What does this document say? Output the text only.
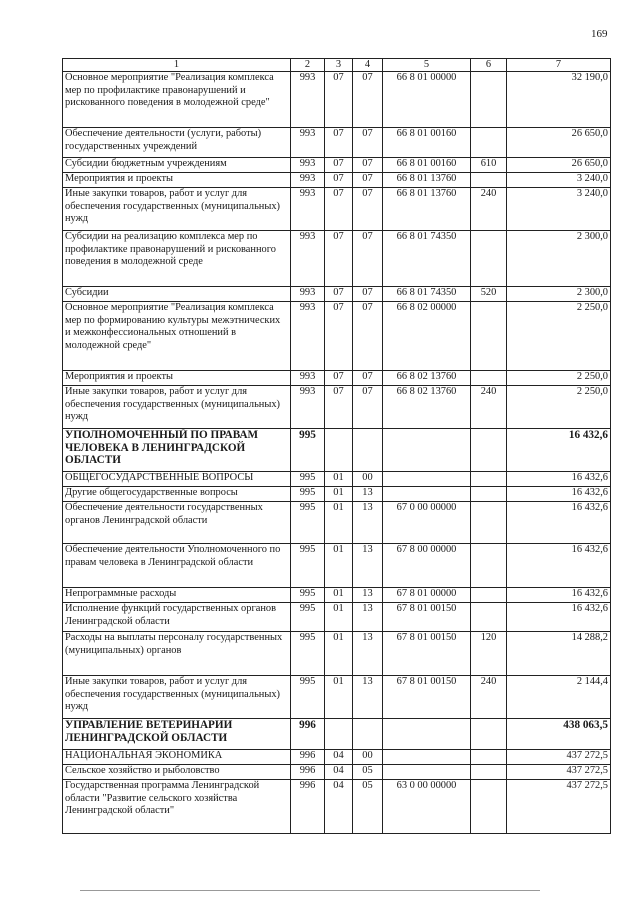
169
1	2	3	4	5	6	7
Основное мероприятие "Реализация комплекса мер по профилактике правонарушений и рискованного поведения в молодежной среде"	993	07	07	66 8 01 00000		32 190,0
Обеспечение деятельности (услуги, работы) государственных учреждений	993	07	07	66 8 01 00160		26 650,0
Субсидии бюджетным учреждениям	993	07	07	66 8 01 00160	610	26 650,0
Мероприятия и проекты	993	07	07	66 8 01 13760		3 240,0
Иные закупки товаров, работ и услуг для обеспечения государственных (муниципальных) нужд	993	07	07	66 8 01 13760	240	3 240,0
Субсидии на реализацию комплекса мер по профилактике правонарушений и рискованного поведения в молодежной среде	993	07	07	66 8 01 74350		2 300,0
Субсидии	993	07	07	66 8 01 74350	520	2 300,0
Основное мероприятие "Реализация комплекса мер по формированию культуры межэтнических и межконфессиональных отношений в молодежной среде"	993	07	07	66 8 02 00000		2 250,0
Мероприятия и проекты	993	07	07	66 8 02 13760		2 250,0
Иные закупки товаров, работ и услуг для обеспечения государственных (муниципальных) нужд	993	07	07	66 8 02 13760	240	2 250,0
УПОЛНОМОЧЕННЫЙ ПО ПРАВАМ ЧЕЛОВЕКА В ЛЕНИНГРАДСКОЙ ОБЛАСТИ	995					16 432,6
ОБЩЕГОСУДАРСТВЕННЫЕ ВОПРОСЫ	995	01	00			16 432,6
Другие общегосударственные вопросы	995	01	13			16 432,6
Обеспечение деятельности государственных органов Ленинградской области	995	01	13	67 0 00 00000		16 432,6
Обеспечение деятельности Уполномоченного по правам человека в Ленинградской области	995	01	13	67 8 00 00000		16 432,6
Непрограммные расходы	995	01	13	67 8 01 00000		16 432,6
Исполнение функций государственных органов Ленинградской области	995	01	13	67 8 01 00150		16 432,6
Расходы на выплаты персоналу государственных (муниципальных) органов	995	01	13	67 8 01 00150	120	14 288,2
Иные закупки товаров, работ и услуг для обеспечения государственных (муниципальных) нужд	995	01	13	67 8 01 00150	240	2 144,4
УПРАВЛЕНИЕ ВЕТЕРИНАРИИ ЛЕНИНГРАДСКОЙ ОБЛАСТИ	996					438 063,5
НАЦИОНАЛЬНАЯ ЭКОНОМИКА	996	04	00			437 272,5
Сельское хозяйство и рыболовство	996	04	05			437 272,5
Государственная программа Ленинградской области "Развитие сельского хозяйства Ленинградской области"	996	04	05	63 0 00 00000		437 272,5
